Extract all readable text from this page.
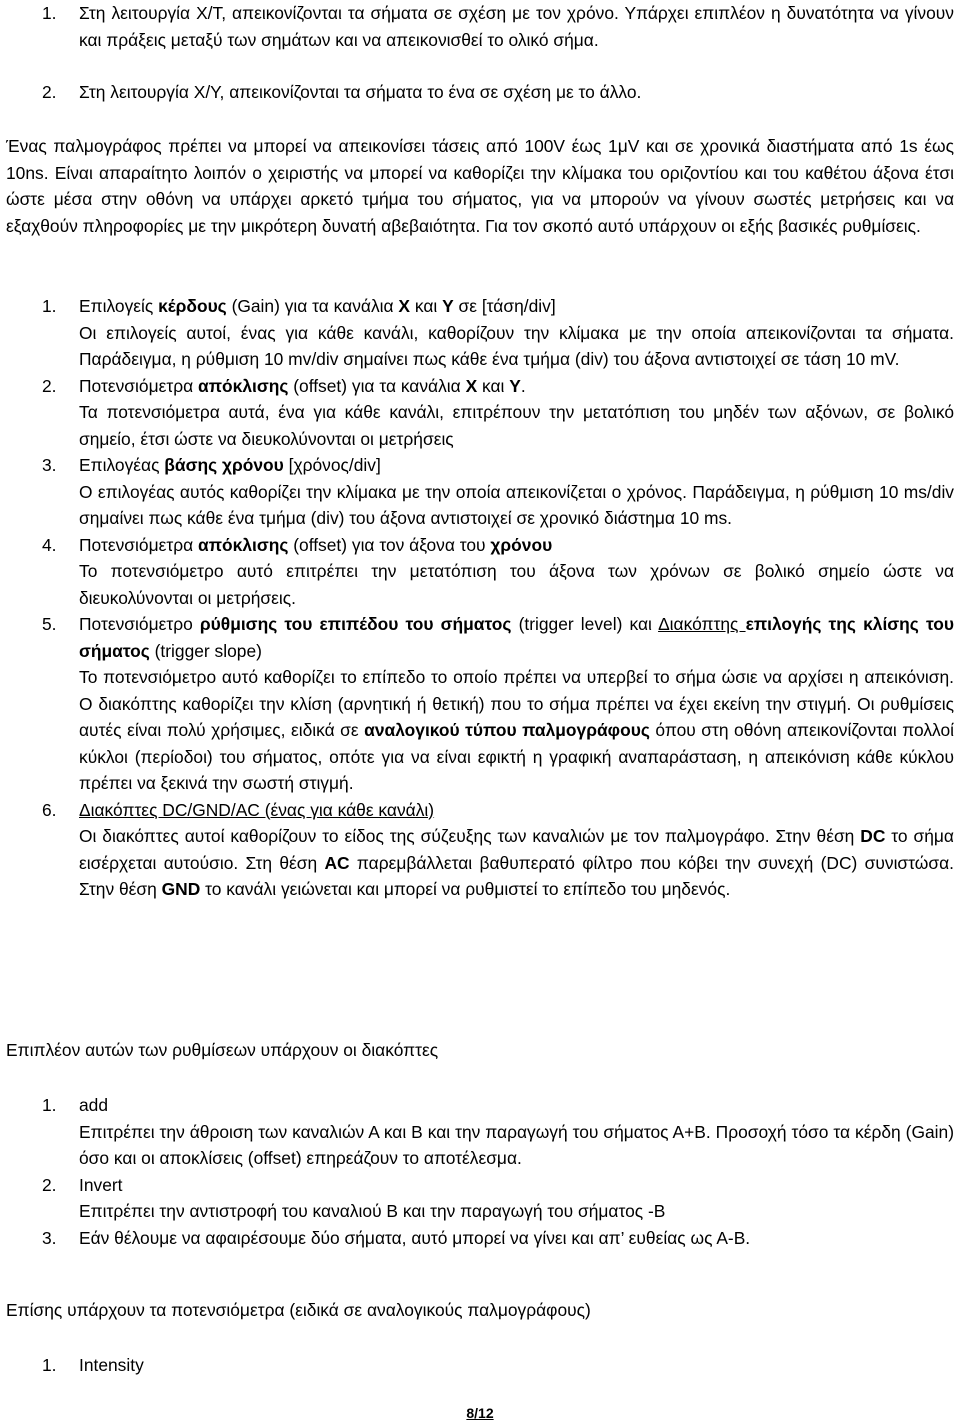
1. Στη λειτουργία X/T, απεικονίζονται τα σήματα σε σχέση με τον χρόνο. Υπάρχει επιπλέον η δυνατότητα να γίνουν και πράξεις μεταξύ των σημάτων και να απεικονισθεί το ολικό σήμα.
2. Στη λειτουργία X/Y, απεικονίζονται τα σήματα το ένα σε σχέση με το άλλο.
Ένας παλμογράφος πρέπει να μπορεί να απεικονίσει τάσεις από 100V έως 1μV και σε χρονικά διαστήματα από 1s έως 10ns. Είναι απαραίτητο λοιπόν ο χειριστής να μπορεί να καθορίζει την κλίμακα του οριζοντίου και του καθέτου άξονα έτσι ώστε μέσα στην οθόνη να υπάρχει αρκετό τμήμα του σήματος, για να μπορούν να γίνουν σωστές μετρήσεις και να εξαχθούν πληροφορίες με την μικρότερη δυνατή αβεβαιότητα. Για τον σκοπό αυτό υπάρχουν οι εξής βασικές ρυθμίσεις.
1. Επιλογείς κέρδους (Gain) για τα κανάλια X και Y σε [τάση/div]
Οι επιλογείς αυτοί, ένας για κάθε κανάλι, καθορίζουν την κλίμακα με την οποία απεικονίζονται τα σήματα. Παράδειγμα, η ρύθμιση 10 mv/div σημαίνει πως κάθε ένα τμήμα (div) του άξονα αντιστοιχεί σε τάση 10 mV.
2. Ποτενσιόμετρα απόκλισης (offset) για τα κανάλια X και Y.
Τα ποτενσιόμετρα αυτά, ένα για κάθε κανάλι, επιτρέπουν την μετατόπιση του μηδέν των αξόνων, σε βολικό σημείο, έτσι ώστε να διευκολύνονται οι μετρήσεις
3. Επιλογέας βάσης χρόνου [χρόνος/div]
Ο επιλογέας αυτός καθορίζει την κλίμακα με την οποία απεικονίζεται ο χρόνος. Παράδειγμα, η ρύθμιση 10 ms/div σημαίνει πως κάθε ένα τμήμα (div) του άξονα αντιστοιχεί σε χρονικό διάστημα 10 ms.
4. Ποτενσιόμετρα απόκλισης (offset) για τον άξονα του χρόνου
Το ποτενσιόμετρο αυτό επιτρέπει την μετατόπιση του άξονα των χρόνων σε βολικό σημείο ώστε να διευκολύνονται οι μετρήσεις.
5. Ποτενσιόμετρο ρύθμισης του επιπέδου του σήματος (trigger level) και Διακόπτης επιλογής της κλίσης του σήματος (trigger slope)
Το ποτενσιόμετρο αυτό καθορίζει το επίπεδο το οποίο πρέπει να υπερβεί το σήμα ώσιε να αρχίσει η απεικόνιση. Ο διακόπτης καθορίζει την κλίση (αρνητική ή θετική) που το σήμα πρέπει να έχει εκείνη την στιγμή. Οι ρυθμίσεις αυτές είναι πολύ χρήσιμες, ειδικά σε αναλογικού τύπου παλμογράφους όπου στη οθόνη απεικονίζονται πολλοί κύκλοι (περίοδοι) του σήματος, οπότε για να είναι εφικτή η γραφική αναπαράσταση, η απεικόνιση κάθε κύκλου πρέπει να ξεκινά την σωστή στιγμή.
6. Διακόπτες DC/GND/AC (ένας για κάθε κανάλι)
Οι διακόπτες αυτοί καθορίζουν το είδος της σύζευξης των καναλιών με τον παλμογράφο. Στην θέση DC το σήμα εισέρχεται αυτούσιο. Στη θέση AC παρεμβάλλεται βαθυπερατό φίλτρο που κόβει την συνεχή (DC) συνιστώσα. Στην θέση GND το κανάλι γειώνεται και μπορεί να ρυθμιστεί το επίπεδο του μηδενός.
Επιπλέον αυτών των ρυθμίσεων υπάρχουν οι διακόπτες
1. add
Επιτρέπει την άθροιση των καναλιών Α και Β και την παραγωγή του σήματος Α+Β. Προσοχή τόσο τα κέρδη (Gain) όσο και οι αποκλίσεις (offset) επηρεάζουν το αποτέλεσμα.
2. Invert
Επιτρέπει την αντιστροφή του καναλιού Β και την παραγωγή του σήματος -Β
3. Εάν θέλουμε να αφαιρέσουμε δύο σήματα, αυτό μπορεί να γίνει και απ’ ευθείας ως Α-Β.
Επίσης υπάρχουν τα ποτενσιόμετρα (ειδικά σε αναλογικούς παλμογράφους)
1. Intensity
8/12
